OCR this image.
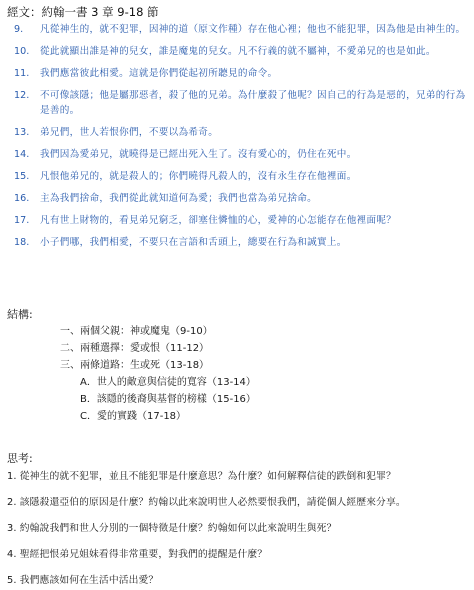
經文：約翰一書 3 章 9-18 節
9.	凡從神生的，就不犯罪，因神的道（原文作種）存在他心裡；他也不能犯罪，因為他是由神生的。
10.	從此就顯出誰是神的兒女，誰是魔鬼的兒女。凡不行義的就不屬神，不愛弟兄的也是如此。
11.	我們應當彼此相愛。這就是你們從起初所聽見的命令。
12.	不可像該隱；他是屬那惡者，殺了他的兄弟。為什麼殺了他呢？因自己的行為是惡的，兄弟的行為是善的。
13.	弟兄們，世人若恨你們，不要以為希奇。
14.	我們因為愛弟兄，就曉得是已經出死入生了。沒有愛心的，仍住在死中。
15.	凡恨他弟兄的，就是殺人的；你們曉得凡殺人的，沒有永生存在他裡面。
16.	主為我們捨命，我們從此就知道何為愛；我們也當為弟兄捨命。
17.	凡有世上財物的，看見弟兄窮乏，卻塞住憐恤的心，愛神的心怎能存在他裡面呢？
18.	小子們哪，我們相愛，不要只在言語和舌頭上，總要在行為和誠實上。
結構:
一、兩個父親：神或魔鬼（9-10）
二、兩種選擇：愛或恨（11-12）
三、兩條道路：生或死（13-18）
A．世人的敵意與信徒的寬容（13-14）
B．該隱的後裔與基督的榜樣（15-16）
C．愛的實踐（17-18）
思考:
1. 從神生的就不犯罪，並且不能犯罪是什麼意思？為什麼？如何解釋信徒的跌倒和犯罪？
2. 該隱殺還亞伯的原因是什麼？約翰以此來說明世人必然要恨我們，請從個人經歷來分享。
3. 約翰說我們和世人分別的一個特徵是什麼？約翰如何以此來說明生與死？
4. 聖經把恨弟兄姐妹看得非常重要，對我們的提醒是什麼？
5. 我們應該如何在生活中活出愛？
